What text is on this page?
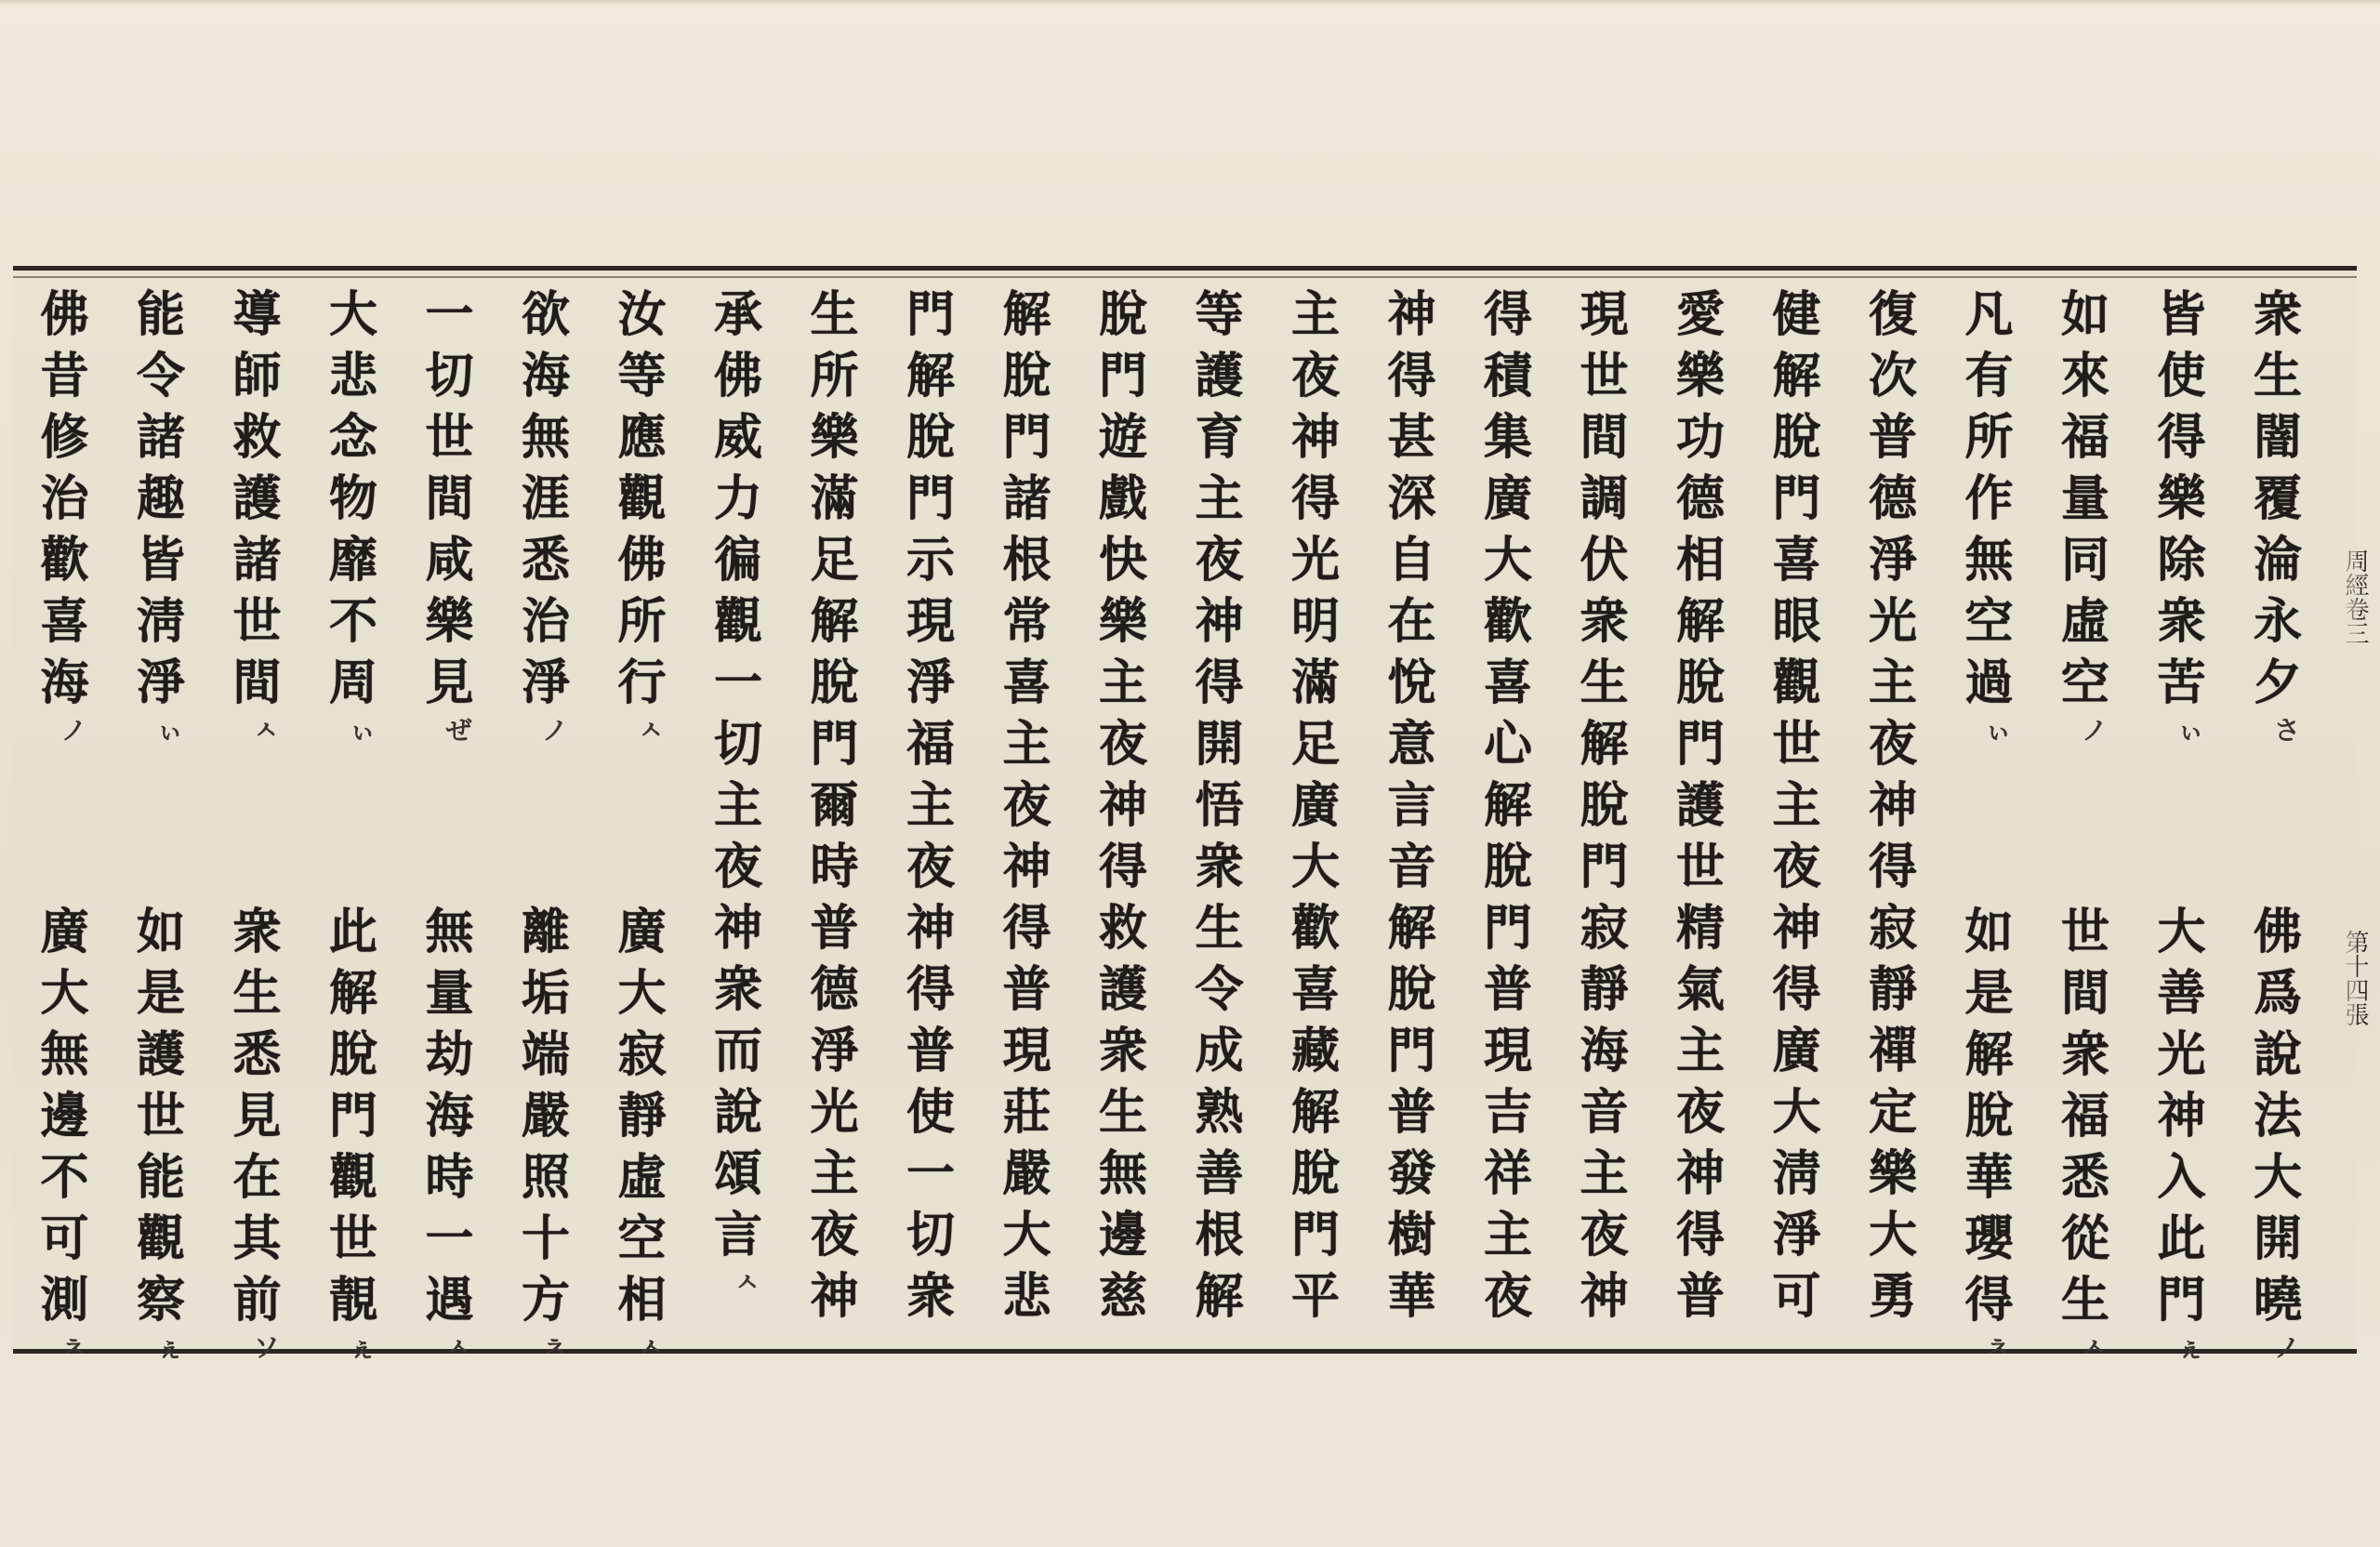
周經卷三
第十四張
衆
生
闇
覆
淪
永
夕
さ
皆
使
得
樂
除
衆
苦
ぃ
如
來
福
量
同
虛
空
ノ
凡
有
所
作
無
空
過
ぃ
復
次
普
德
淨
光
主
夜
神
得
寂
靜
禪
定
樂
大
勇
健
解
脫
門
喜
眼
觀
世
主
夜
神
得
廣
大
淸
淨
可
愛
樂
功
德
相
解
脫
門
護
世
精
氣
主
夜
神
得
普
現
世
間
調
伏
衆
生
解
脫
門
寂
靜
海
音
主
夜
神
得
積
集
廣
大
歡
喜
心
解
脫
門
普
現
吉
祥
主
夜
神
得
甚
深
自
在
悅
意
言
音
解
脫
門
普
發
樹
華
主
夜
神
得
光
明
滿
足
廣
大
歡
喜
藏
解
脫
門
平
等
護
育
主
夜
神
得
開
悟
衆
生
令
成
熟
善
根
解
脫
門
遊
戲
快
樂
主
夜
神
得
救
護
衆
生
無
邊
慈
解
脫
門
諸
根
常
喜
主
夜
神
得
普
現
莊
嚴
大
悲
門
解
脫
門
示
現
淨
福
主
夜
神
得
普
使
一
切
衆
生
所
樂
滿
足
解
脫
門
爾
時
普
德
淨
光
主
夜
神
承
佛
威
力
徧
觀
一
切
主
夜
神
衆
而
說
頌
言
ㅅ
汝
等
應
觀
佛
所
行
ㅅ
欲
海
無
涯
悉
治
淨
ノ
一
切
世
間
咸
樂
見
ぜ
大
悲
念
物
靡
不
周
ぃ
導
師
救
護
諸
世
間
ㅅ
能
令
諸
趣
皆
淸
淨
ぃ
佛
昔
修
治
歡
喜
海
ノ
佛
爲
說
法
大
開
曉
ノ
大
善
光
神
入
此
門
ぇ
世
間
衆
福
悉
從
生
ㅅ
如
是
解
脫
華
瓔
得
ㅊ
廣
大
寂
靜
虛
空
相
ㅅ
離
垢
端
嚴
照
十
方
ㅊ
無
量
劫
海
時
一
遇
ㅅ
此
解
脫
門
觀
世
靚
ぇ
衆
生
悉
見
在
其
前
ソ
如
是
護
世
能
觀
察
ぇ
廣
大
無
邊
不
可
測
ㅊ
